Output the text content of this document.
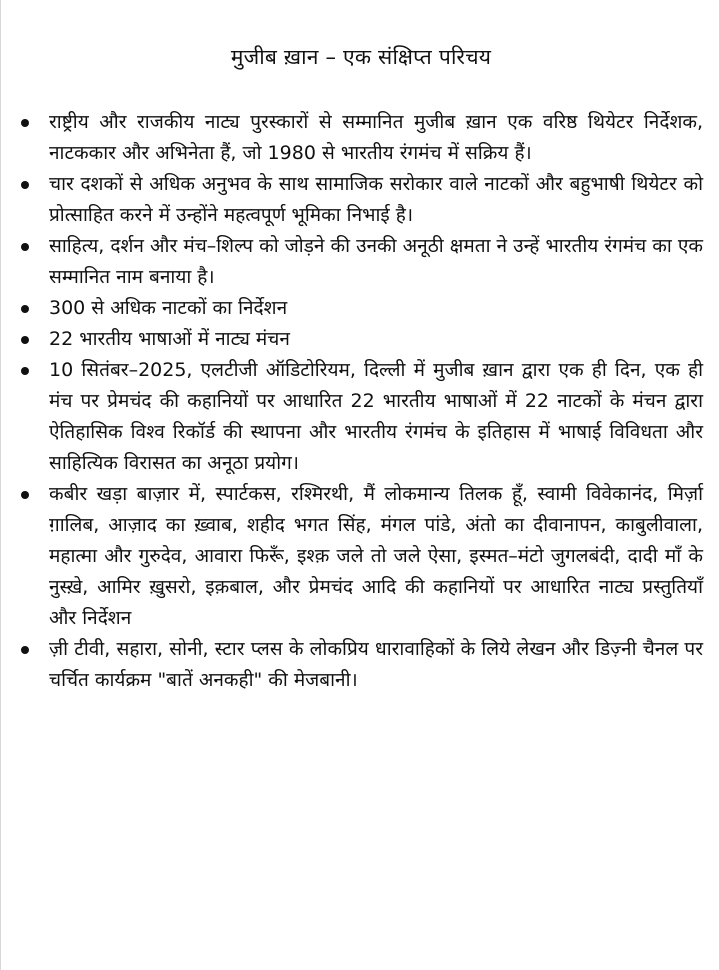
मुजीब ख़ान – एक संक्षिप्त परिचय
राष्ट्रीय और राजकीय नाट्य पुरस्कारों से सम्मानित मुजीब ख़ान एक वरिष्ठ थियेटर निर्देशक, नाटककार और अभिनेता हैं, जो 1980 से भारतीय रंगमंच में सक्रिय हैं।
चार दशकों से अधिक अनुभव के साथ सामाजिक सरोकार वाले नाटकों और बहुभाषी थियेटर को प्रोत्साहित करने में उन्होंने महत्वपूर्ण भूमिका निभाई है।
साहित्य, दर्शन और मंच–शिल्प को जोड़ने की उनकी अनूठी क्षमता ने उन्हें भारतीय रंगमंच का एक सम्मानित नाम बनाया है।
300 से अधिक नाटकों का निर्देशन
22 भारतीय भाषाओं में नाट्य मंचन
10 सितंबर–2025, एलटीजी ऑडिटोरियम, दिल्ली में मुजीब ख़ान द्वारा एक ही दिन, एक ही मंच पर प्रेमचंद की कहानियों पर आधारित 22 भारतीय भाषाओं में 22 नाटकों के मंचन द्वारा ऐतिहासिक विश्व रिकॉर्ड की स्थापना और भारतीय रंगमंच के इतिहास में भाषाई विविधता और साहित्यिक विरासत का अनूठा प्रयोग।
कबीर खड़ा बाज़ार में, स्पार्टकस, रश्मिरथी, मैं लोकमान्य तिलक हूँ, स्वामी विवेकानंद, मिर्ज़ा ग़ालिब, आज़ाद का ख़्वाब, शहीद भगत सिंह, मंगल पांडे, अंतो का दीवानापन, काबुलीवाला, महात्मा और गुरुदेव, आवारा फिरूँ, इश्क़ जले तो जले ऐसा, इस्मत–मंटो जुगलबंदी, दादी माँ के नुस्ख़े, आमिर ख़ुसरो, इक़बाल, और प्रेमचंद आदि की कहानियों पर आधारित नाट्य प्रस्तुतियाँ और निर्देशन
ज़ी टीवी, सहारा, सोनी, स्टार प्लस के लोकप्रिय धारावाहिकों के लिये लेखन और डिज़्नी चैनल पर चर्चित कार्यक्रम "बातें अनकही" की मेजबानी।
